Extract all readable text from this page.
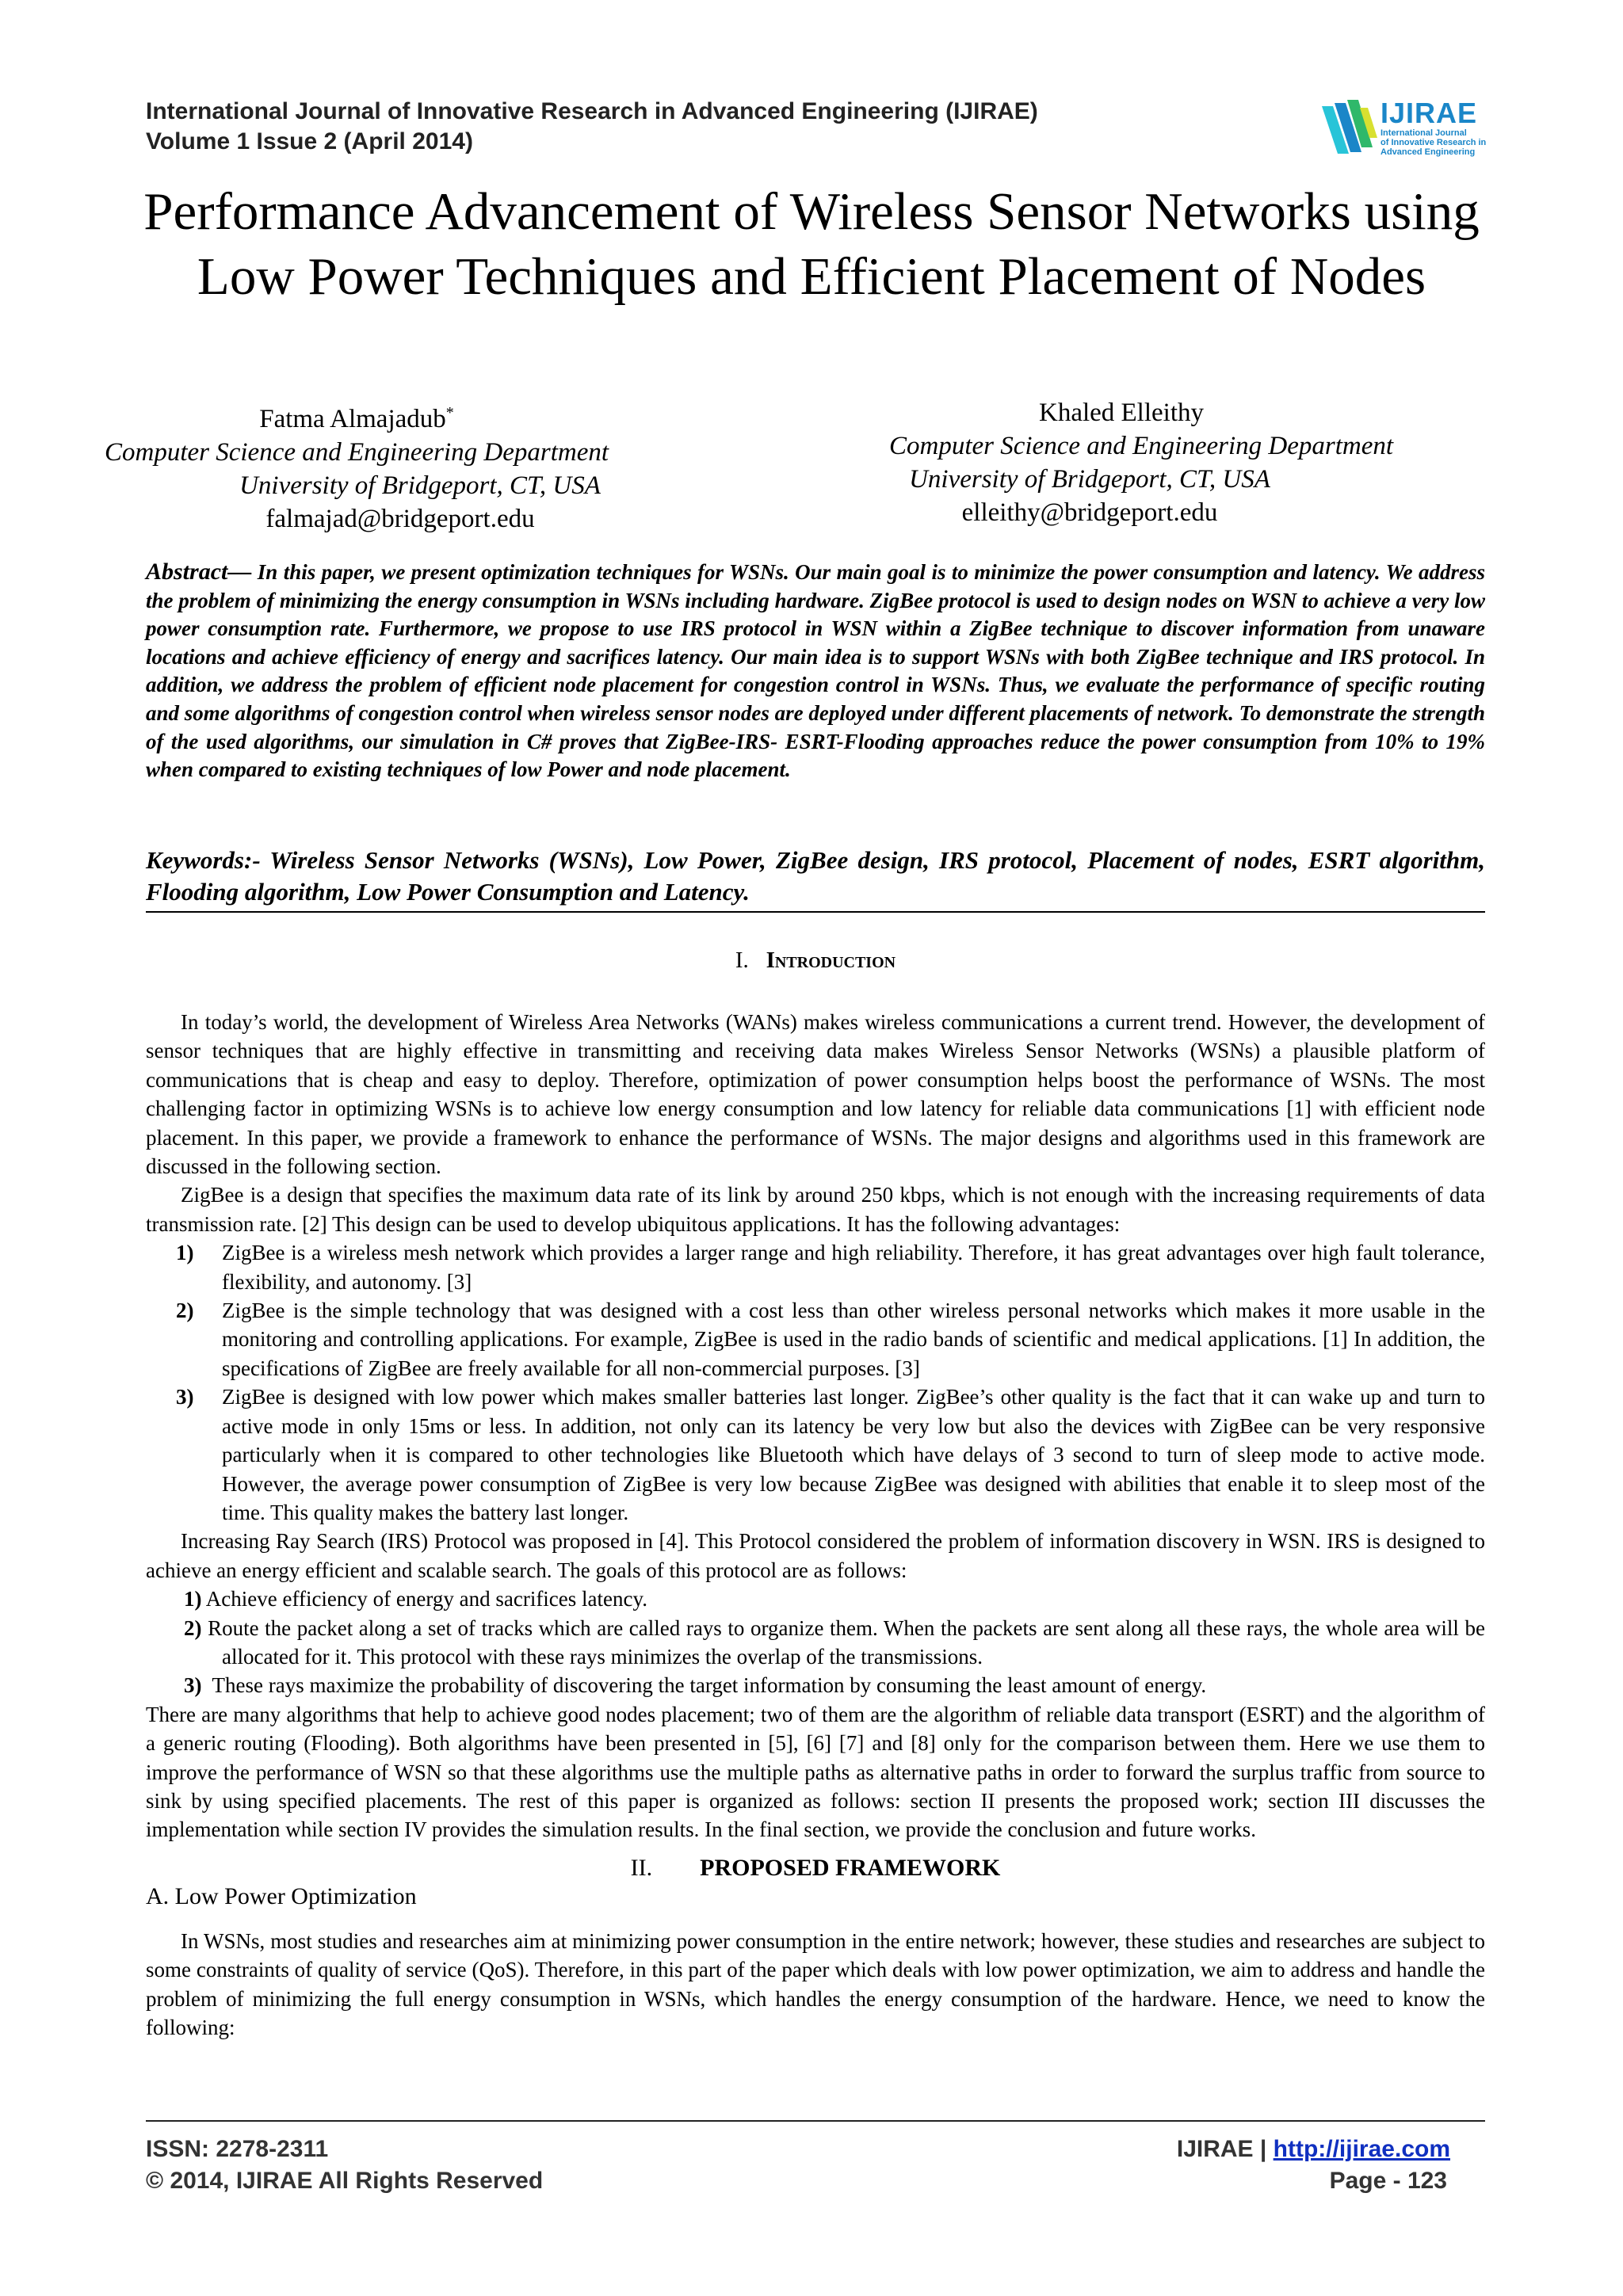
International Journal of Innovative Research in Advanced Engineering (IJIRAE)
Volume 1 Issue 2 (April 2014)
IJIRAE
International Journal
of Innovative Research in
Advanced Engineering
Performance Advancement of Wireless Sensor Networks using Low Power Techniques and Efficient Placement of Nodes
Fatma Almajadub*
Computer Science and Engineering Department
University of Bridgeport, CT, USA
falmajad@bridgeport.edu
Khaled Elleithy
Computer Science and Engineering Department
University of Bridgeport, CT, USA
elleithy@bridgeport.edu
Abstract— In this paper, we present optimization techniques for WSNs. Our main goal is to minimize the power consumption and latency. We address the problem of minimizing the energy consumption in WSNs including hardware. ZigBee protocol is used to design nodes on WSN to achieve a very low power consumption rate. Furthermore, we propose to use IRS protocol in WSN within a ZigBee technique to discover information from unaware locations and achieve efficiency of energy and sacrifices latency. Our main idea is to support WSNs with both ZigBee technique and IRS protocol. In addition, we address the problem of efficient node placement for congestion control in WSNs. Thus, we evaluate the performance of specific routing and some algorithms of congestion control when wireless sensor nodes are deployed under different placements of network. To demonstrate the strength of the used algorithms, our simulation in C# proves that ZigBee-IRS- ESRT-Flooding approaches reduce the power consumption from 10% to 19% when compared to existing techniques of low Power and node placement.
Keywords:- Wireless Sensor Networks (WSNs), Low Power, ZigBee design, IRS protocol, Placement of nodes, ESRT algorithm, Flooding algorithm, Low Power Consumption and Latency.
I. Introduction

In today’s world, the development of Wireless Area Networks (WANs) makes wireless communications a current trend. However, the development of sensor techniques that are highly effective in transmitting and receiving data makes Wireless Sensor Networks (WSNs) a plausible platform of communications that is cheap and easy to deploy. Therefore, optimization of power consumption helps boost the performance of WSNs. The most challenging factor in optimizing WSNs is to achieve low energy consumption and low latency for reliable data communications [1] with efficient node placement. In this paper, we provide a framework to enhance the performance of WSNs. The major designs and algorithms used in this framework are discussed in the following section.

ZigBee is a design that specifies the maximum data rate of its link by around 250 kbps, which is not enough with the increasing requirements of data transmission rate. [2] This design can be used to develop ubiquitous applications. It has the following advantages:

1) ZigBee is a wireless mesh network which provides a larger range and high reliability. Therefore, it has great advantages over high fault tolerance, flexibility, and autonomy. [3]
2) ZigBee is the simple technology that was designed with a cost less than other wireless personal networks which makes it more usable in the monitoring and controlling applications. For example, ZigBee is used in the radio bands of scientific and medical applications. [1] In addition, the specifications of ZigBee are freely available for all non-commercial purposes. [3]
3) ZigBee is designed with low power which makes smaller batteries last longer. ZigBee’s other quality is the fact that it can wake up and turn to active mode in only 15ms or less. In addition, not only can its latency be very low but also the devices with ZigBee can be very responsive particularly when it is compared to other technologies like Bluetooth which have delays of 3 second to turn of sleep mode to active mode. However, the average power consumption of ZigBee is very low because ZigBee was designed with abilities that enable it to sleep most of the time. This quality makes the battery last longer.

Increasing Ray Search (IRS) Protocol was proposed in [4]. This Protocol considered the problem of information discovery in WSN. IRS is designed to achieve an energy efficient and scalable search. The goals of this protocol are as follows:

1) Achieve efficiency of energy and sacrifices latency.
2) Route the packet along a set of tracks which are called rays to organize them. When the packets are sent along all these rays, the whole area will be allocated for it. This protocol with these rays minimizes the overlap of the transmissions.
3) These rays maximize the probability of discovering the target information by consuming the least amount of energy.

There are many algorithms that help to achieve good nodes placement; two of them are the algorithm of reliable data transport (ESRT) and the algorithm of a generic routing (Flooding). Both algorithms have been presented in [5], [6] [7] and [8] only for the comparison between them. Here we use them to improve the performance of WSN so that these algorithms use the multiple paths as alternative paths in order to forward the surplus traffic from source to sink by using specified placements. The rest of this paper is organized as follows: section II presents the proposed work; section III discusses the implementation while section IV provides the simulation results. In the final section, we provide the conclusion and future works.

II. PROPOSED FRAMEWORK
A. Low Power Optimization

In WSNs, most studies and researches aim at minimizing power consumption in the entire network; however, these studies and researches are subject to some constraints of quality of service (QoS). Therefore, in this part of the paper which deals with low power optimization, we aim to address and handle the problem of minimizing the full energy consumption in WSNs, which handles the energy consumption of the hardware. Hence, we need to know the following:

ISSN: 2278-2311
© 2014, IJIRAE All Rights Reserved
IJIRAE | http://ijirae.com
Page - 123
